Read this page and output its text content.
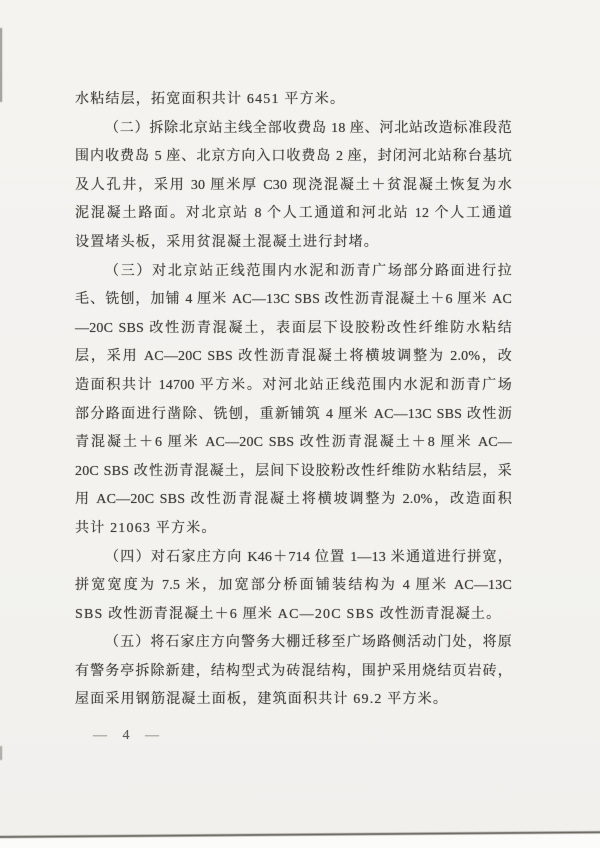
水粘结层，拓宽面积共计 6451 平方米。
（二）拆除北京站主线全部收费岛 18 座、河北站改造标准段范
围内收费岛 5 座、北京方向入口收费岛 2 座，封闭河北站称台基坑
及人孔井，采用 30 厘米厚 C30 现浇混凝土＋贫混凝土恢复为水
泥混凝土路面。对北京站 8 个人工通道和河北站 12 个人工通道
设置堵头板，采用贫混凝土混凝土进行封堵。
（三）对北京站正线范围内水泥和沥青广场部分路面进行拉
毛、铣刨，加铺 4 厘米 AC—13C SBS 改性沥青混凝土＋6 厘米 AC
—20C SBS 改性沥青混凝土，表面层下设胶粉改性纤维防水粘结
层，采用 AC—20C SBS 改性沥青混凝土将横坡调整为 2.0%，改
造面积共计 14700 平方米。对河北站正线范围内水泥和沥青广场
部分路面进行凿除、铣刨，重新铺筑 4 厘米 AC—13C SBS 改性沥
青混凝土＋6 厘米 AC—20C SBS 改性沥青混凝土＋8 厘米 AC—
20C SBS 改性沥青混凝土，层间下设胶粉改性纤维防水粘结层，采
用 AC—20C SBS 改性沥青混凝土将横坡调整为 2.0%，改造面积
共计 21063 平方米。
（四）对石家庄方向 K46＋714 位置 1—13 米通道进行拼宽，
拼宽宽度为 7.5 米，加宽部分桥面铺装结构为 4 厘米 AC—13C
SBS 改性沥青混凝土＋6 厘米 AC—20C SBS 改性沥青混凝土。
（五）将石家庄方向警务大棚迁移至广场路侧活动门处，将原
有警务亭拆除新建，结构型式为砖混结构，围护采用烧结页岩砖，
屋面采用钢筋混凝土面板，建筑面积共计 69.2 平方米。
— 4 —
